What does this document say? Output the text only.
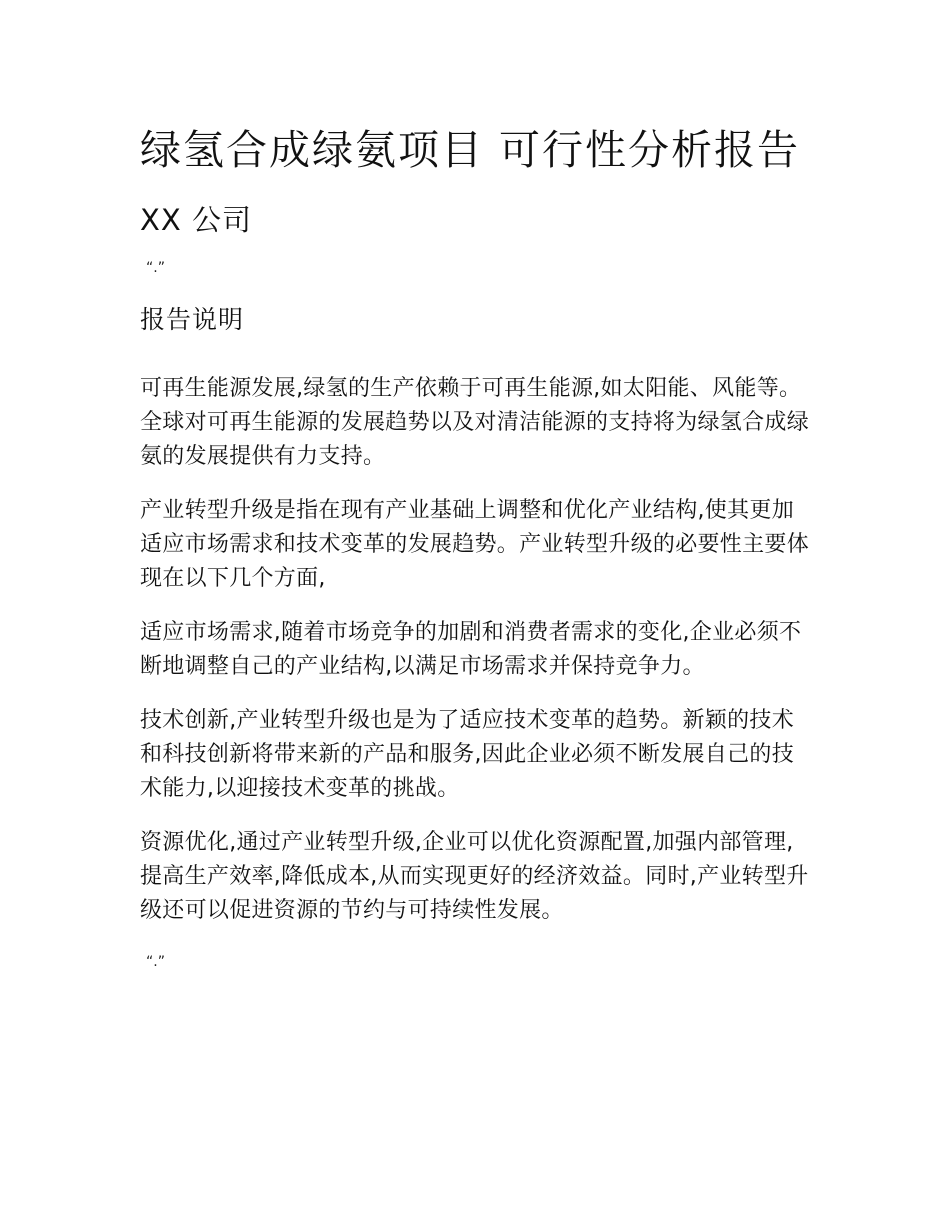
绿氢合成绿氨项目 可行性分析报告
XX 公司
“.”
报告说明

可再生能源发展,绿氢的生产依赖于可再生能源,如太阳能、风能等。全球对可再生能源的发展趋势以及对清洁能源的支持将为绿氢合成绿氨的发展提供有力支持。

产业转型升级是指在现有产业基础上调整和优化产业结构,使其更加适应市场需求和技术变革的发展趋势。产业转型升级的必要性主要体现在以下几个方面,

适应市场需求,随着市场竞争的加剧和消费者需求的变化,企业必须不断地调整自己的产业结构,以满足市场需求并保持竞争力。

技术创新,产业转型升级也是为了适应技术变革的趋势。新颖的技术和科技创新将带来新的产品和服务,因此企业必须不断发展自己的技术能力,以迎接技术变革的挑战。

资源优化,通过产业转型升级,企业可以优化资源配置,加强内部管理,提高生产效率,降低成本,从而实现更好的经济效益。同时,产业转型升级还可以促进资源的节约与可持续性发展。

“.”
